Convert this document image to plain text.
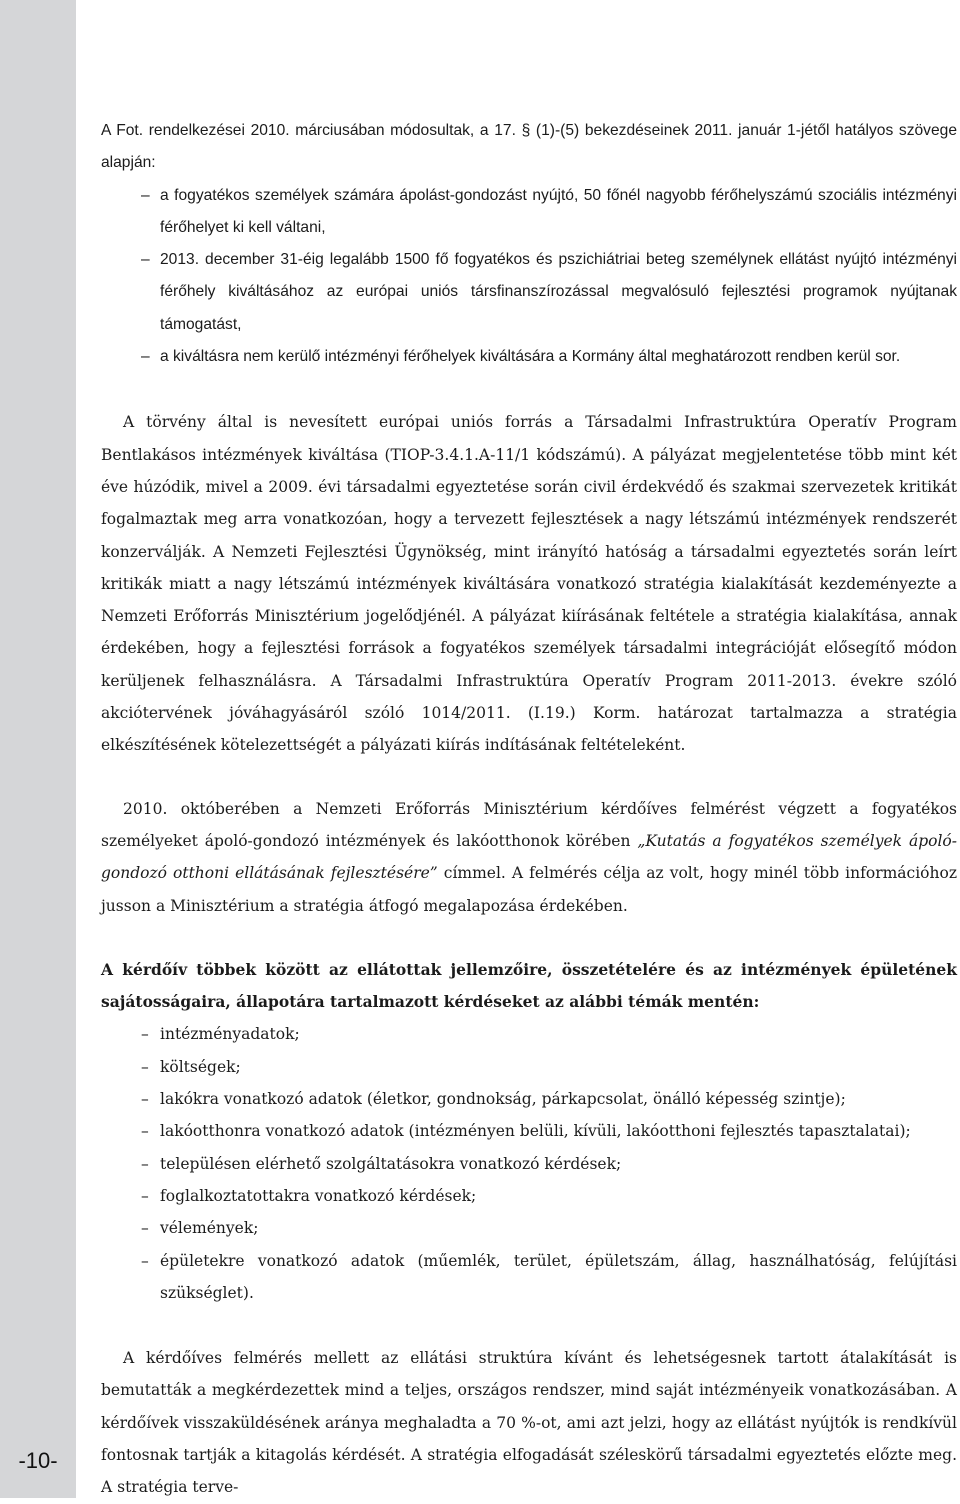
-10-

A Fot. rendelkezései 2010. márciusában módosultak, a 17. § (1)-(5) bekezdéseinek 2011. január 1-jétől hatályos szövege alapján:

– a fogyatékos személyek számára ápolást-gondozást nyújtó, 50 főnél nagyobb férőhelyszámú szociális intézményi férőhelyet ki kell váltani,
– 2013. december 31-éig legalább 1500 fő fogyatékos és pszichiátriai beteg személynek ellátást nyújtó intézményi férőhely kiváltásához az európai uniós társfinanszírozással megvalósuló fejlesztési programok nyújtanak támogatást,
– a kiváltásra nem kerülő intézményi férőhelyek kiváltására a Kormány által meghatározott rendben kerül sor.

A törvény által is nevesített európai uniós forrás a Társadalmi Infrastruktúra Operatív Program Bentlakásos intézmények kiváltása (TIOP-3.4.1.A-11/1 kódszámú). A pályázat megjelentetése több mint két éve húzódik, mivel a 2009. évi társadalmi egyeztetése során civil érdekvédő és szakmai szervezetek kritikát fogalmaztak meg arra vonatkozóan, hogy a tervezett fejlesztések a nagy létszámú intézmények rendszerét konzerválják. A Nemzeti Fejlesztési Ügynökség, mint irányító hatóság a társadalmi egyeztetés során leírt kritikák miatt a nagy létszámú intézmények kiváltására vonatkozó stratégia kialakítását kezdeményezte a Nemzeti Erőforrás Minisztérium jogelődjénél. A pályázat kiírásának feltétele a stratégia kialakítása, annak érdekében, hogy a fejlesztési források a fogyatékos személyek társadalmi integrációját elősegítő módon kerüljenek felhasználásra. A Társadalmi Infrastruktúra Operatív Program 2011-2013. évekre szóló akciótervének jóváhagyásáról szóló 1014/2011. (I.19.) Korm. határozat tartalmazza a stratégia elkészítésének kötelezettségét a pályázati kiírás indításának feltételeként.

2010. októberében a Nemzeti Erőforrás Minisztérium kérdőíves felmérést végzett a fogyatékos személyeket ápoló-gondozó intézmények és lakóotthonok körében „Kutatás a fogyatékos személyek ápoló-gondozó otthoni ellátásának fejlesztésére” címmel. A felmérés célja az volt, hogy minél több információhoz jusson a Minisztérium a stratégia átfogó megalapozása érdekében.

A kérdőív többek között az ellátottak jellemzőire, összetételére és az intézmények épületének sajátosságaira, állapotára tartalmazott kérdéseket az alábbi témák mentén:

– intézményadatok;
– költségek;
– lakókra vonatkozó adatok (életkor, gondnokság, párkapcsolat, önálló képesség szintje);
– lakóotthonra vonatkozó adatok (intézményen belüli, kívüli, lakóotthoni fejlesztés tapasztalatai);
– településen elérhető szolgáltatásokra vonatkozó kérdések;
– foglalkoztatottakra vonatkozó kérdések;
– vélemények;
– épületekre vonatkozó adatok (műemlék, terület, épületszám, állag, használhatóság, felújítási szükséglet).

A kérdőíves felmérés mellett az ellátási struktúra kívánt és lehetségesnek tartott átalakítását is bemutatták a megkérdezettek mind a teljes, országos rendszer, mind saját intézményeik vonatkozásában. A kérdőívek visszaküldésének aránya meghaladta a 70 %-ot, ami azt jelzi, hogy az ellátást nyújtók is rendkívül fontosnak tartják a kitagolás kérdését. A stratégia elfogadását széleskörű társadalmi egyeztetés előzte meg. A stratégia terve-
